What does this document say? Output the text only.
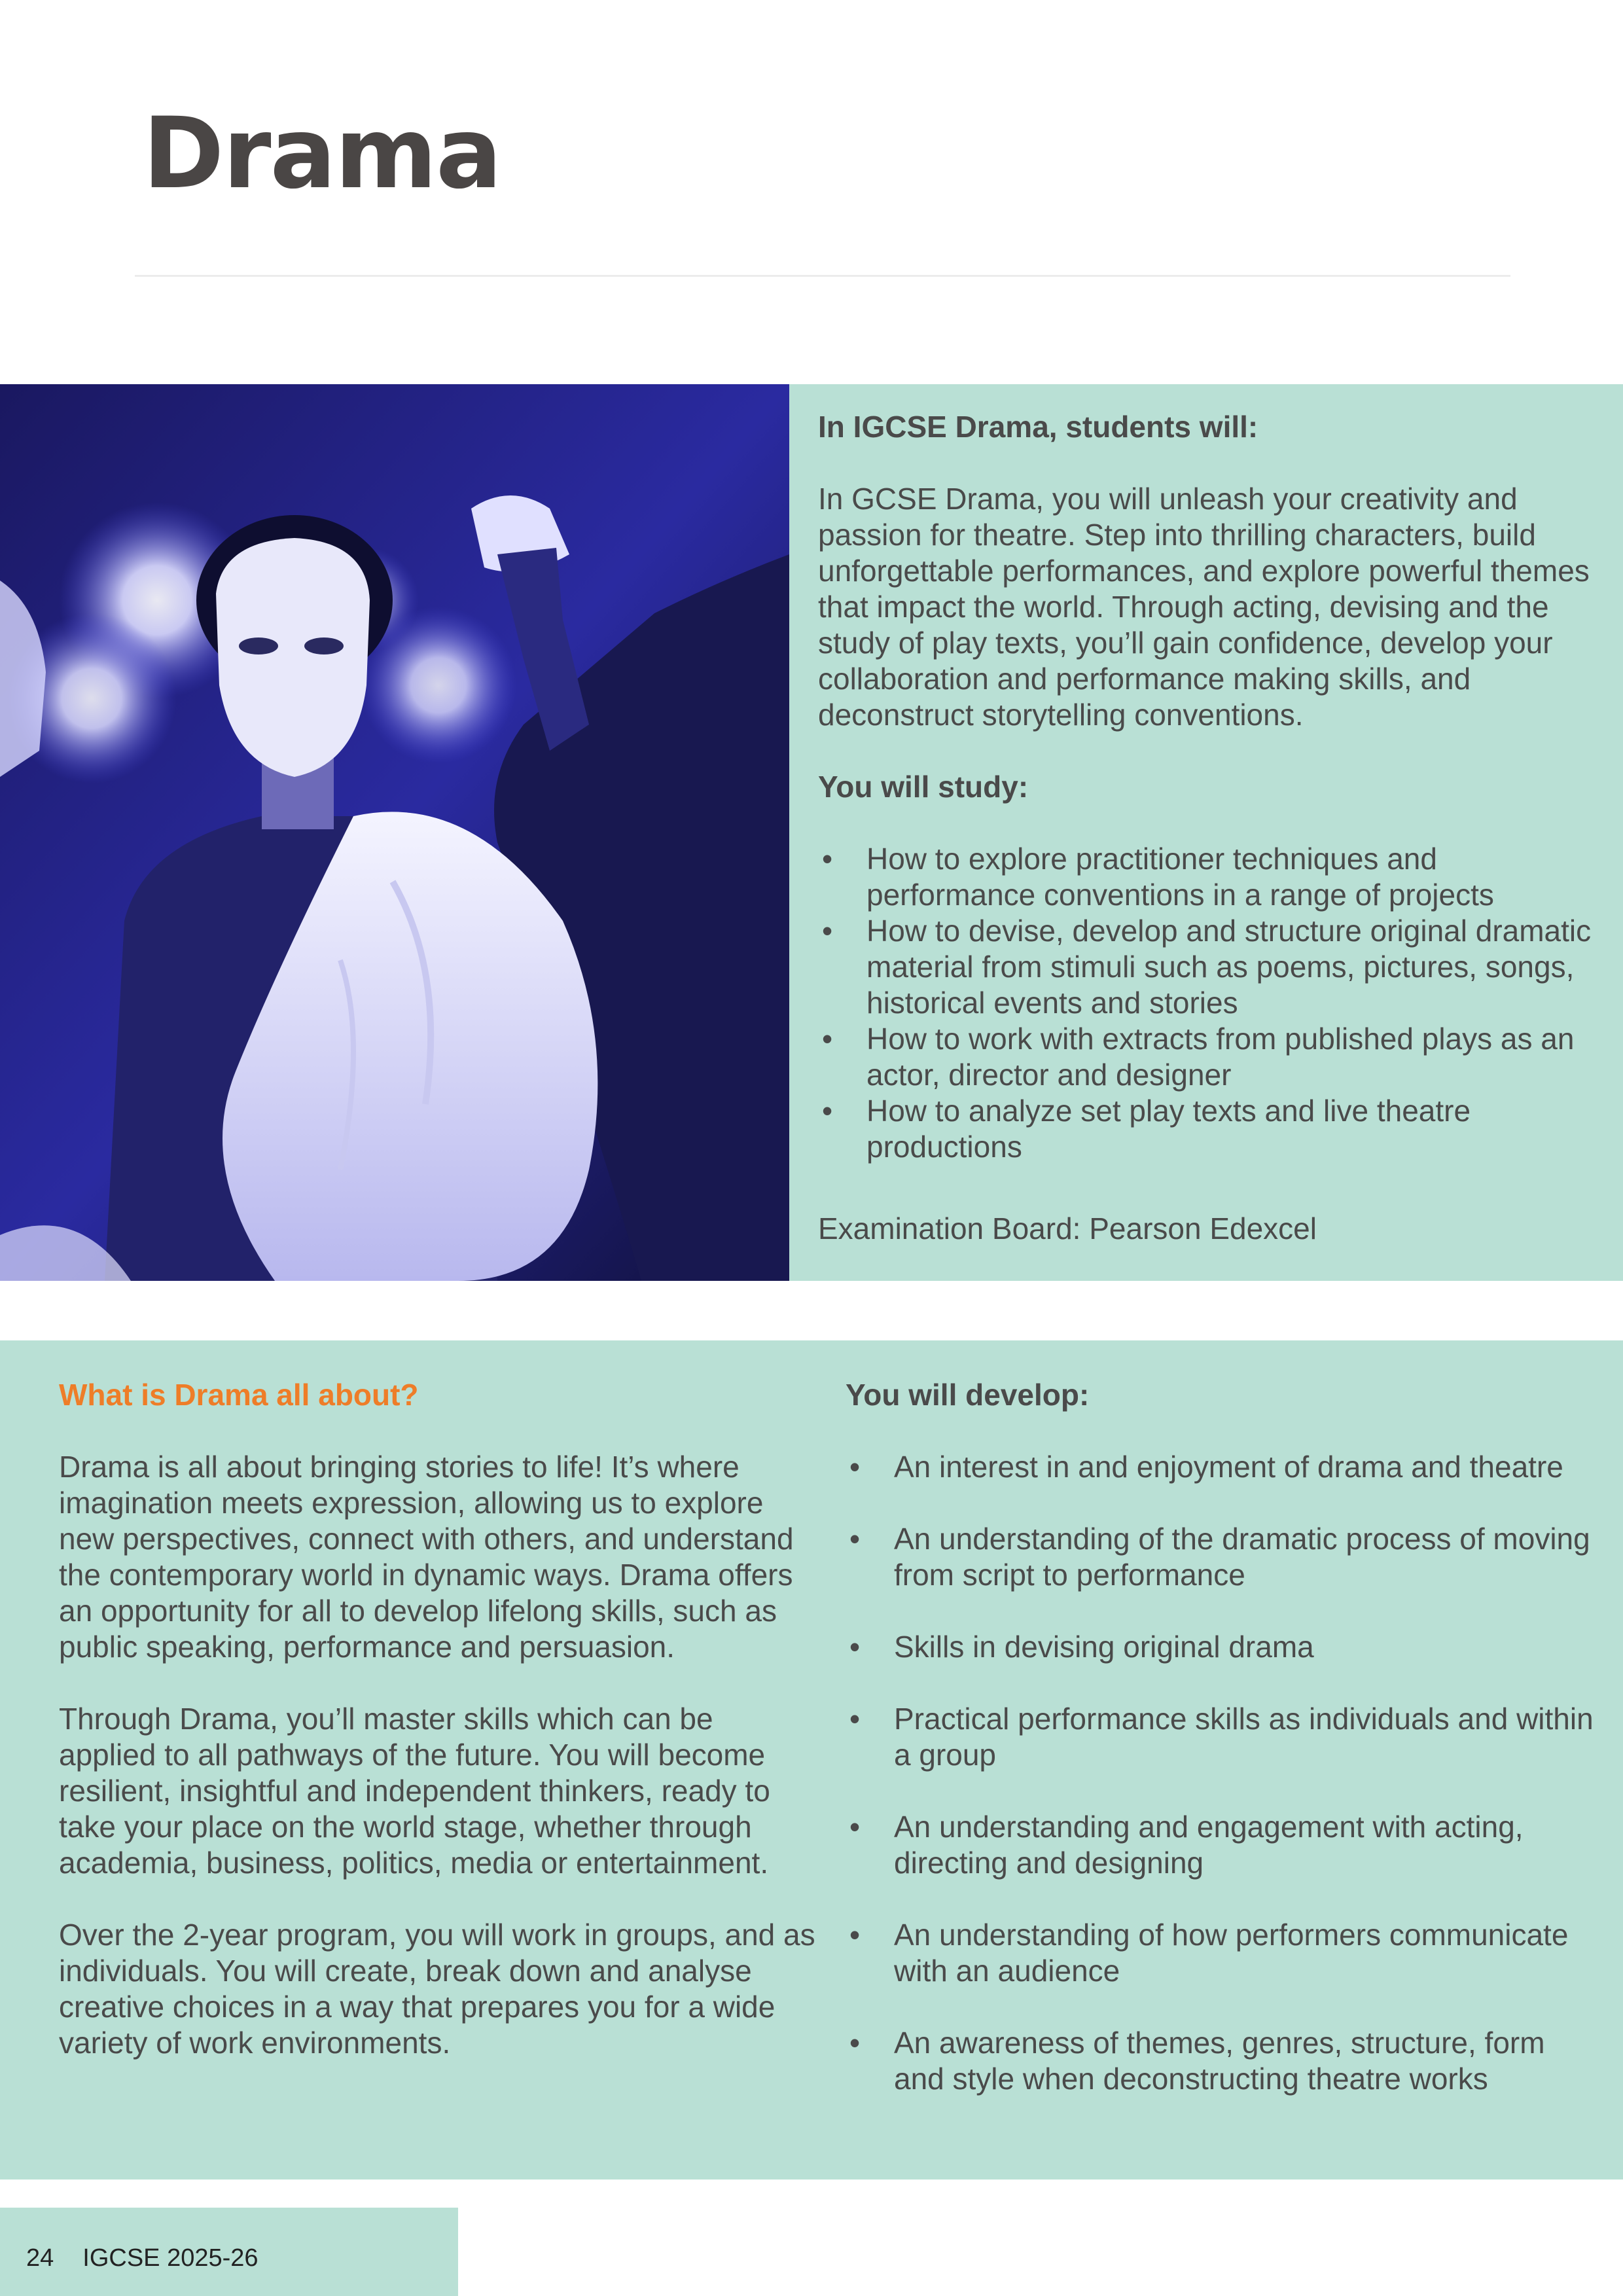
Drama
In IGCSE Drama, students will:

In GCSE Drama, you will unleash your creativity and passion for theatre. Step into thrilling characters, build unforgettable performances, and explore powerful themes that impact the world. Through acting, devising and the study of play texts, you’ll gain confidence, develop your collaboration and performance making skills, and deconstruct storytelling conventions.

You will study:
• How to explore practitioner techniques and performance conventions in a range of projects
• How to devise, develop and structure original dramatic material from stimuli such as poems, pictures, songs, historical events and stories
• How to work with extracts from published plays as an actor, director and designer
• How to analyze set play texts and live theatre productions

Examination Board: Pearson Edexcel

What is Drama all about?

Drama is all about bringing stories to life! It’s where imagination meets expression, allowing us to explore new perspectives, connect with others, and understand the contemporary world in dynamic ways. Drama offers an opportunity for all to develop lifelong skills, such as public speaking, performance and persuasion.

Through Drama, you’ll master skills which can be applied to all pathways of the future. You will become resilient, insightful and independent thinkers, ready to take your place on the world stage, whether through academia, business, politics, media or entertainment.

Over the 2-year program, you will work in groups, and as individuals. You will create, break down and analyse creative choices in a way that prepares you for a wide variety of work environments.

You will develop:
• An interest in and enjoyment of drama and theatre
• An understanding of the dramatic process of moving from script to performance
• Skills in devising original drama
• Practical performance skills as individuals and within a group
• An understanding and engagement with acting, directing and designing
• An understanding of how performers communicate with an audience
• An awareness of themes, genres, structure, form and style when deconstructing theatre works
24 IGCSE 2025-26
